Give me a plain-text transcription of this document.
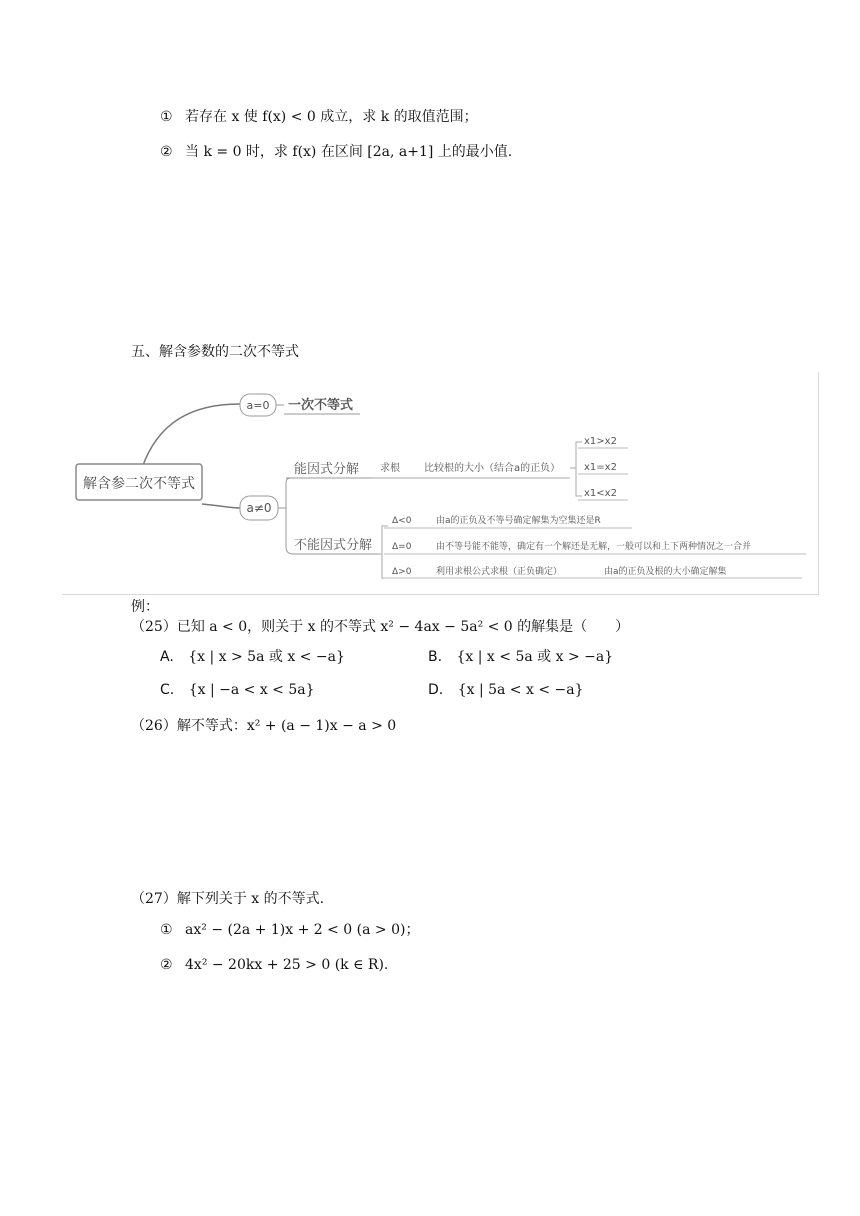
① 若存在 x 使 f(x) < 0 成立，求 k 的取值范围；
② 当 k = 0 时，求 f(x) 在区间 [2a, a+1] 上的最小值.
五、解含参数的二次不等式
解含参二次不等式
a=0 一次不等式
a≠0
能因式分解 求根 比较根的大小（结合a的正负）
x1>x2
x1=x2
x1<x2
不能因式分解
Δ<0	由a的正负及不等号确定解集为空集还是R
Δ=0	由不等号能不能等，确定有一个解还是无解，一般可以和上下两种情况之一合并
Δ>0	利用求根公式求根（正负确定）	由a的正负及根的大小确定解集
例：
（25）已知 a < 0，则关于 x 的不等式 x² − 4ax − 5a² < 0 的解集是（　　）
A. {x | x > 5a 或 x < −a}	B. {x | x < 5a 或 x > −a}
C. {x | −a < x < 5a}	D. {x | 5a < x < −a}
（26）解不等式：x² + (a − 1)x − a > 0
（27）解下列关于 x 的不等式.
① ax² − (2a + 1)x + 2 < 0 (a > 0)；
② 4x² − 20kx + 25 > 0 (k ∈ R).
